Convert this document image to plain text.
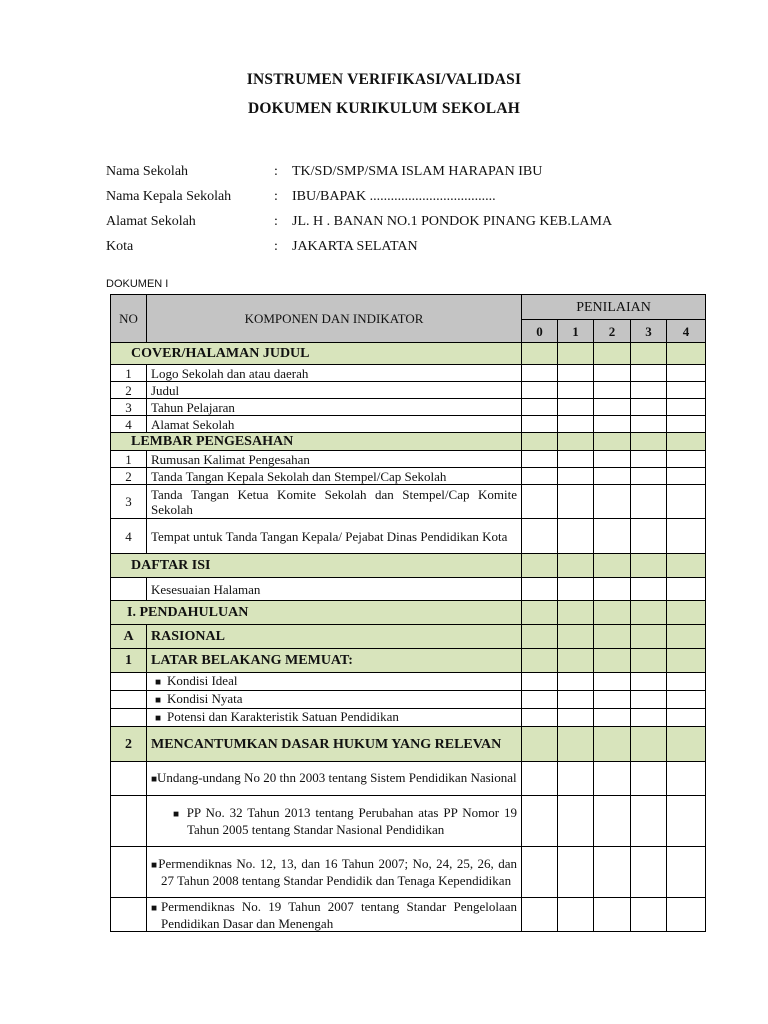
INSTRUMEN VERIFIKASI/VALIDASI
DOKUMEN KURIKULUM SEKOLAH
Nama Sekolah	:	TK/SD/SMP/SMA ISLAM HARAPAN IBU
Nama Kepala Sekolah	:	IBU/BAPAK ....................................
Alamat Sekolah	:	JL. H . BANAN NO.1 PONDOK PINANG KEB.LAMA
Kota	:	JAKARTA SELATAN
DOKUMEN I
NO	KOMPONEN DAN INDIKATOR	PENILAIAN				
		0	1	2	3	4
COVER/HALAMAN JUDUL						
1	Logo Sekolah dan atau daerah					
2	Judul					
3	Tahun Pelajaran					
4	Alamat Sekolah					
LEMBAR PENGESAHAN						
1	Rumusan Kalimat Pengesahan					
2	Tanda Tangan Kepala Sekolah dan Stempel/Cap Sekolah					
3	Tanda Tangan Ketua Komite Sekolah dan Stempel/Cap Komite Sekolah					
4	Tempat untuk Tanda Tangan Kepala/ Pejabat Dinas Pendidikan Kota					
DAFTAR ISI						
	Kesesuaian Halaman					
I. PENDAHULUAN						
A	RASIONAL					
1	LATAR BELAKANG MEMUAT:					
	■ Kondisi Ideal					
	■ Kondisi Nyata					
	■ Potensi dan Karakteristik Satuan Pendidikan					
2	MENCANTUMKAN DASAR HUKUM YANG RELEVAN					
	■Undang-undang No 20 thn 2003 tentang Sistem Pendidikan Nasional					
	■ PP No. 32 Tahun 2013 tentang Perubahan atas PP Nomor 19 Tahun 2005 tentang Standar Nasional Pendidikan					
	■Permendiknas No. 12, 13, dan 16 Tahun 2007; No, 24, 25, 26, dan 27 Tahun 2008 tentang Standar Pendidik dan Tenaga Kependidikan					
	■Permendiknas No. 19 Tahun 2007 tentang Standar Pengelolaan Pendidikan Dasar dan Menengah					
